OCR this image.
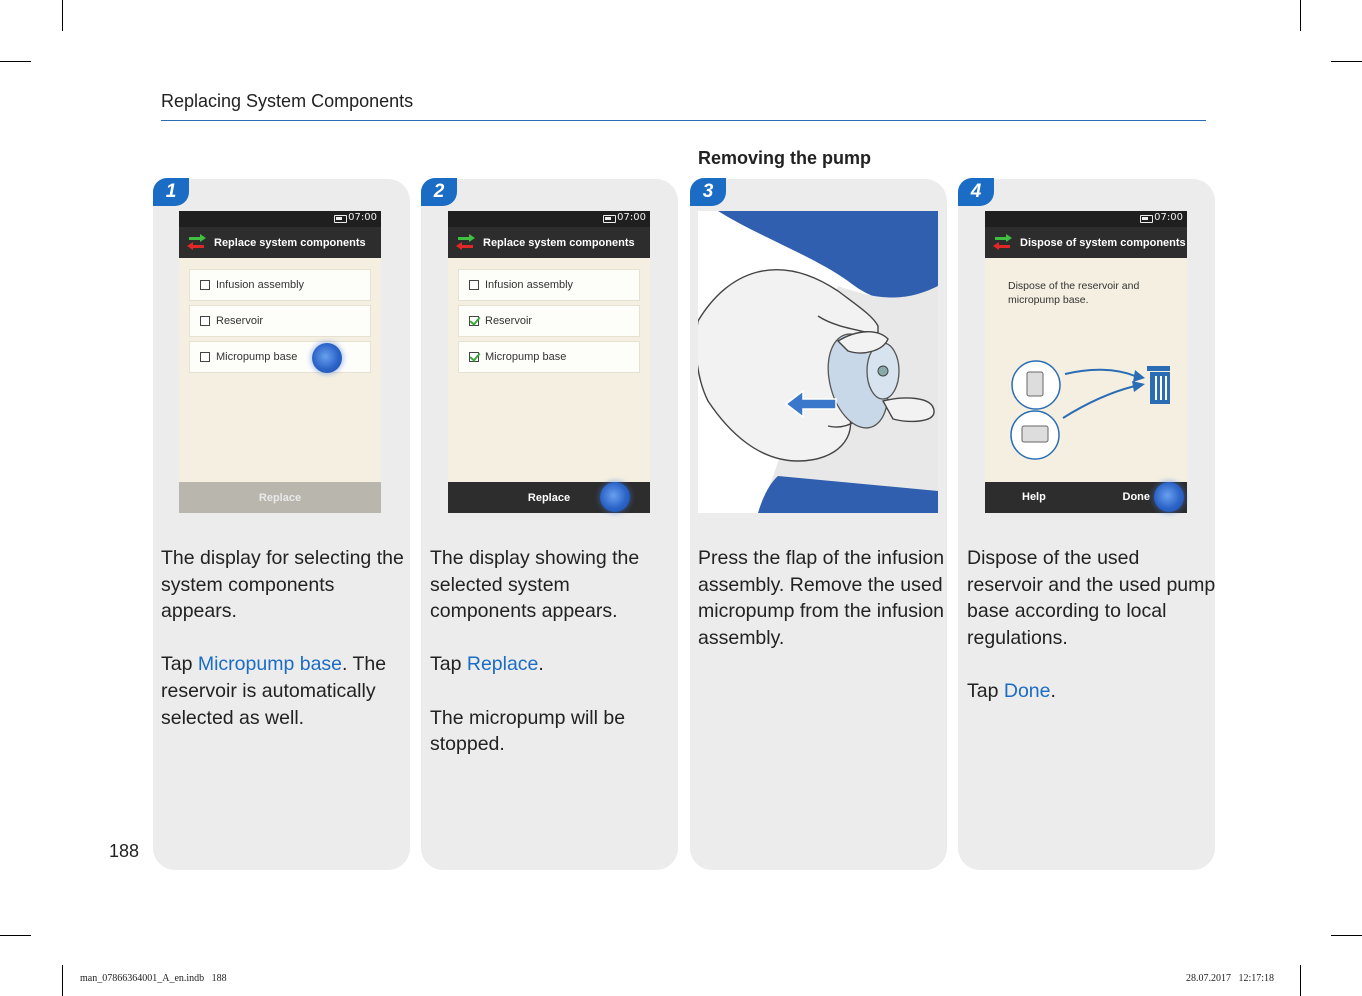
Replacing System Components
Removing the pump
1	2	3	4
07:00
Replace system components
Infusion assembly
Reservoir
Micropump base
Replace
07:00
Replace system components
Infusion assembly
Reservoir
Micropump base
Replace
07:00
Dispose of system components
Dispose of the reservoir and micropump base.
Help	Done

The display for selecting the system components appears.

Tap Micropump base. The reservoir is automatically selected as well.

The display showing the selected system components appears.

Tap Replace.

The micropump will be stopped.

Press the flap of the infusion assembly. Remove the used micropump from the infusion assembly.

Dispose of the used reservoir and the used pump base according to local regulations.

Tap Done.

188
man_07866364001_A_en.indb   188	28.07.2017   12:17:18
